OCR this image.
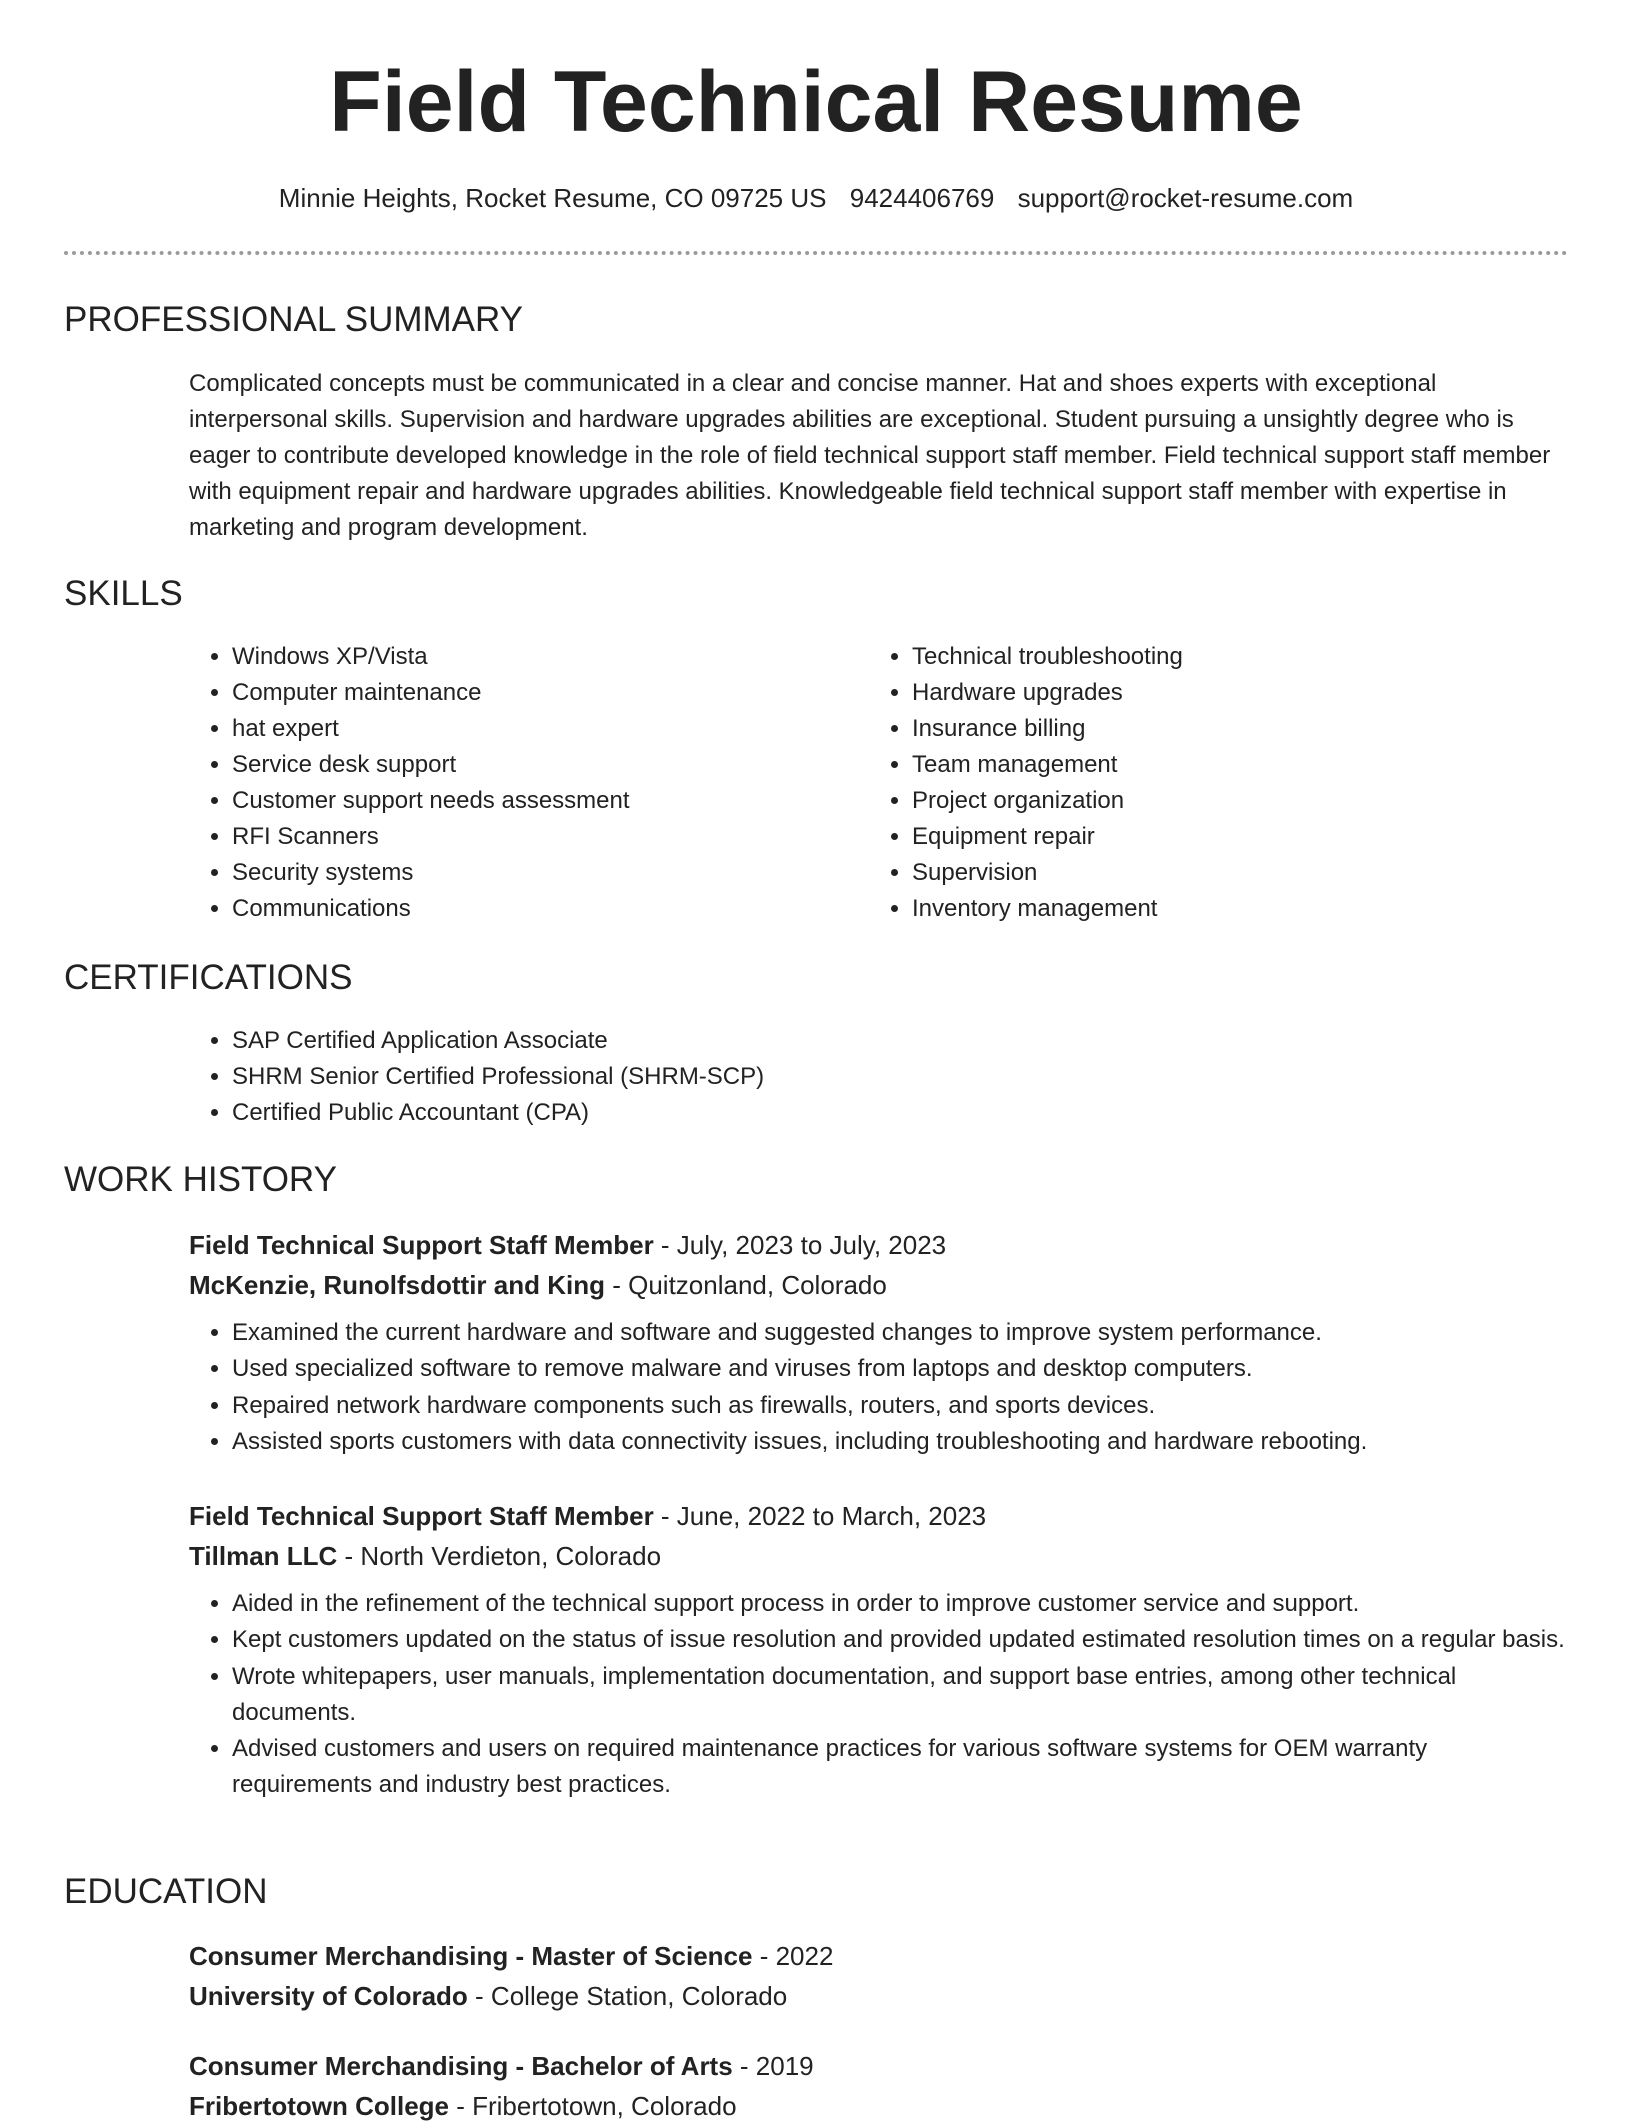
Field Technical Resume
Minnie Heights, Rocket Resume, CO 09725 US 9424406769 support@rocket-resume.com
PROFESSIONAL SUMMARY

Complicated concepts must be communicated in a clear and concise manner. Hat and shoes experts with exceptional interpersonal skills. Supervision and hardware upgrades abilities are exceptional. Student pursuing a unsightly degree who is eager to contribute developed knowledge in the role of field technical support staff member. Field technical support staff member with equipment repair and hardware upgrades abilities. Knowledgeable field technical support staff member with expertise in marketing and program development.

SKILLS
• Windows XP/Vista
• Computer maintenance
• hat expert
• Service desk support
• Customer support needs assessment
• RFI Scanners
• Security systems
• Communications
• Technical troubleshooting
• Hardware upgrades
• Insurance billing
• Team management
• Project organization
• Equipment repair
• Supervision
• Inventory management
CERTIFICATIONS
• SAP Certified Application Associate
• SHRM Senior Certified Professional (SHRM-SCP)
• Certified Public Accountant (CPA)
WORK HISTORY

Field Technical Support Staff Member - July, 2023 to July, 2023

McKenzie, Runolfsdottir and King - Quitzonland, Colorado

• Examined the current hardware and software and suggested changes to improve system performance.
• Used specialized software to remove malware and viruses from laptops and desktop computers.
• Repaired network hardware components such as firewalls, routers, and sports devices.
• Assisted sports customers with data connectivity issues, including troubleshooting and hardware rebooting.

Field Technical Support Staff Member - June, 2022 to March, 2023

Tillman LLC - North Verdieton, Colorado

• Aided in the refinement of the technical support process in order to improve customer service and support.
• Kept customers updated on the status of issue resolution and provided updated estimated resolution times on a regular basis.
• Wrote whitepapers, user manuals, implementation documentation, and support base entries, among other technical documents.
• Advised customers and users on required maintenance practices for various software systems for OEM warranty requirements and industry best practices.
EDUCATION

Consumer Merchandising - Master of Science - 2022

University of Colorado - College Station, Colorado

Consumer Merchandising - Bachelor of Arts - 2019

Fribertotown College - Fribertotown, Colorado
